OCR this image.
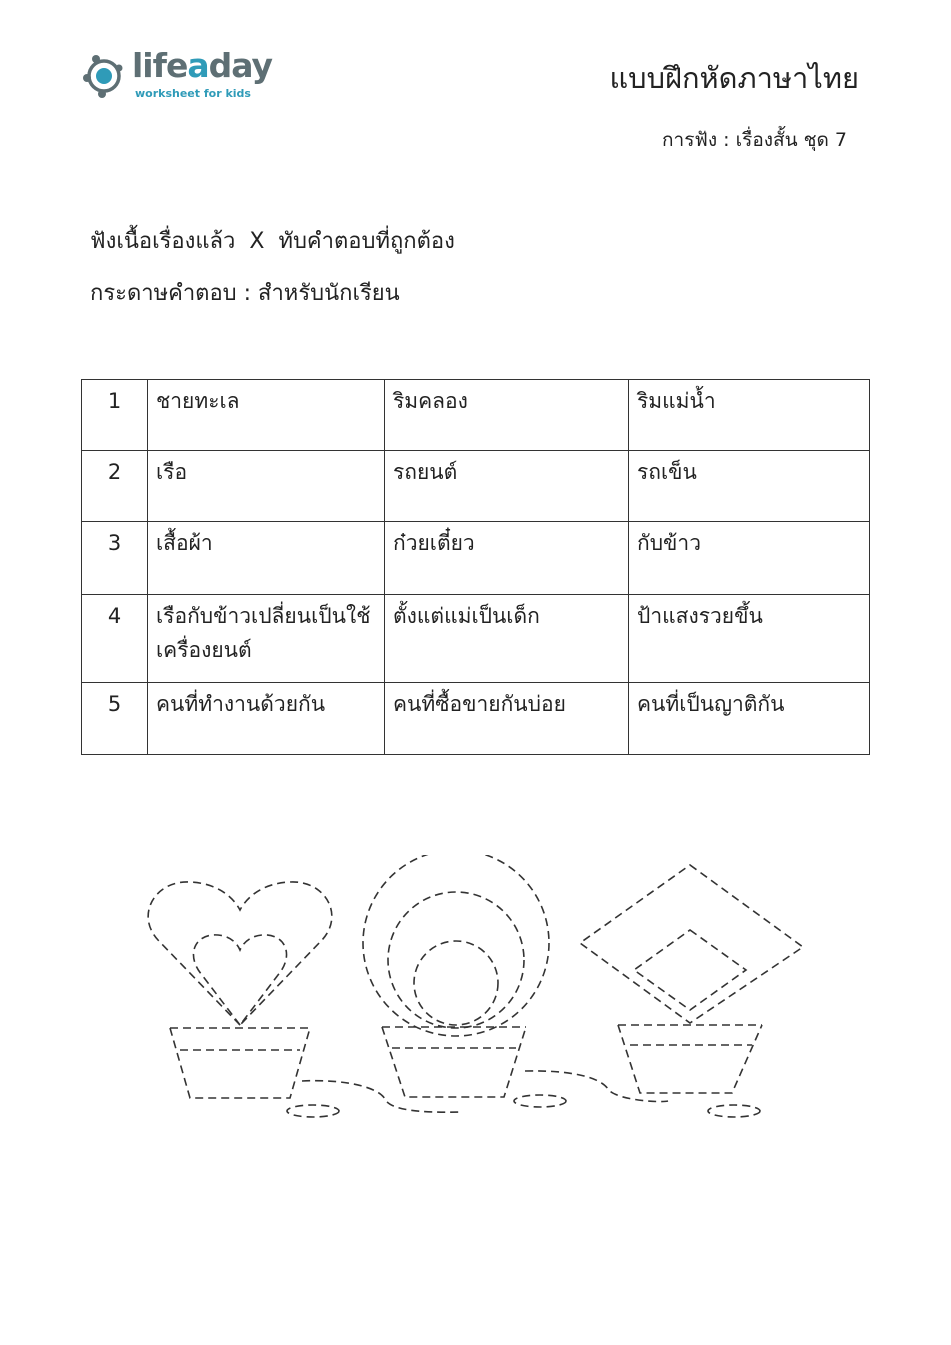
lifeaday
worksheet for kids	แบบฝึกหัดภาษาไทย
การฟัง : เรื่องสั้น ชุด 7
ฟังเนื้อเรื่องแล้ว  X  ทับคำตอบที่ถูกต้อง
กระดาษคำตอบ : สำหรับนักเรียน
1	ชายทะเล	ริมคลอง	ริมแม่น้ำ
2	เรือ	รถยนต์	รถเข็น
3	เสื้อผ้า	ก๋วยเตี๋ยว	กับข้าว
4	เรือกับข้าวเปลี่ยนเป็นใช้เครื่องยนต์	ตั้งแต่แม่เป็นเด็ก	ป้าแสงรวยขึ้น
5	คนที่ทำงานด้วยกัน	คนที่ซื้อขายกันบ่อย	คนที่เป็นญาติกัน
